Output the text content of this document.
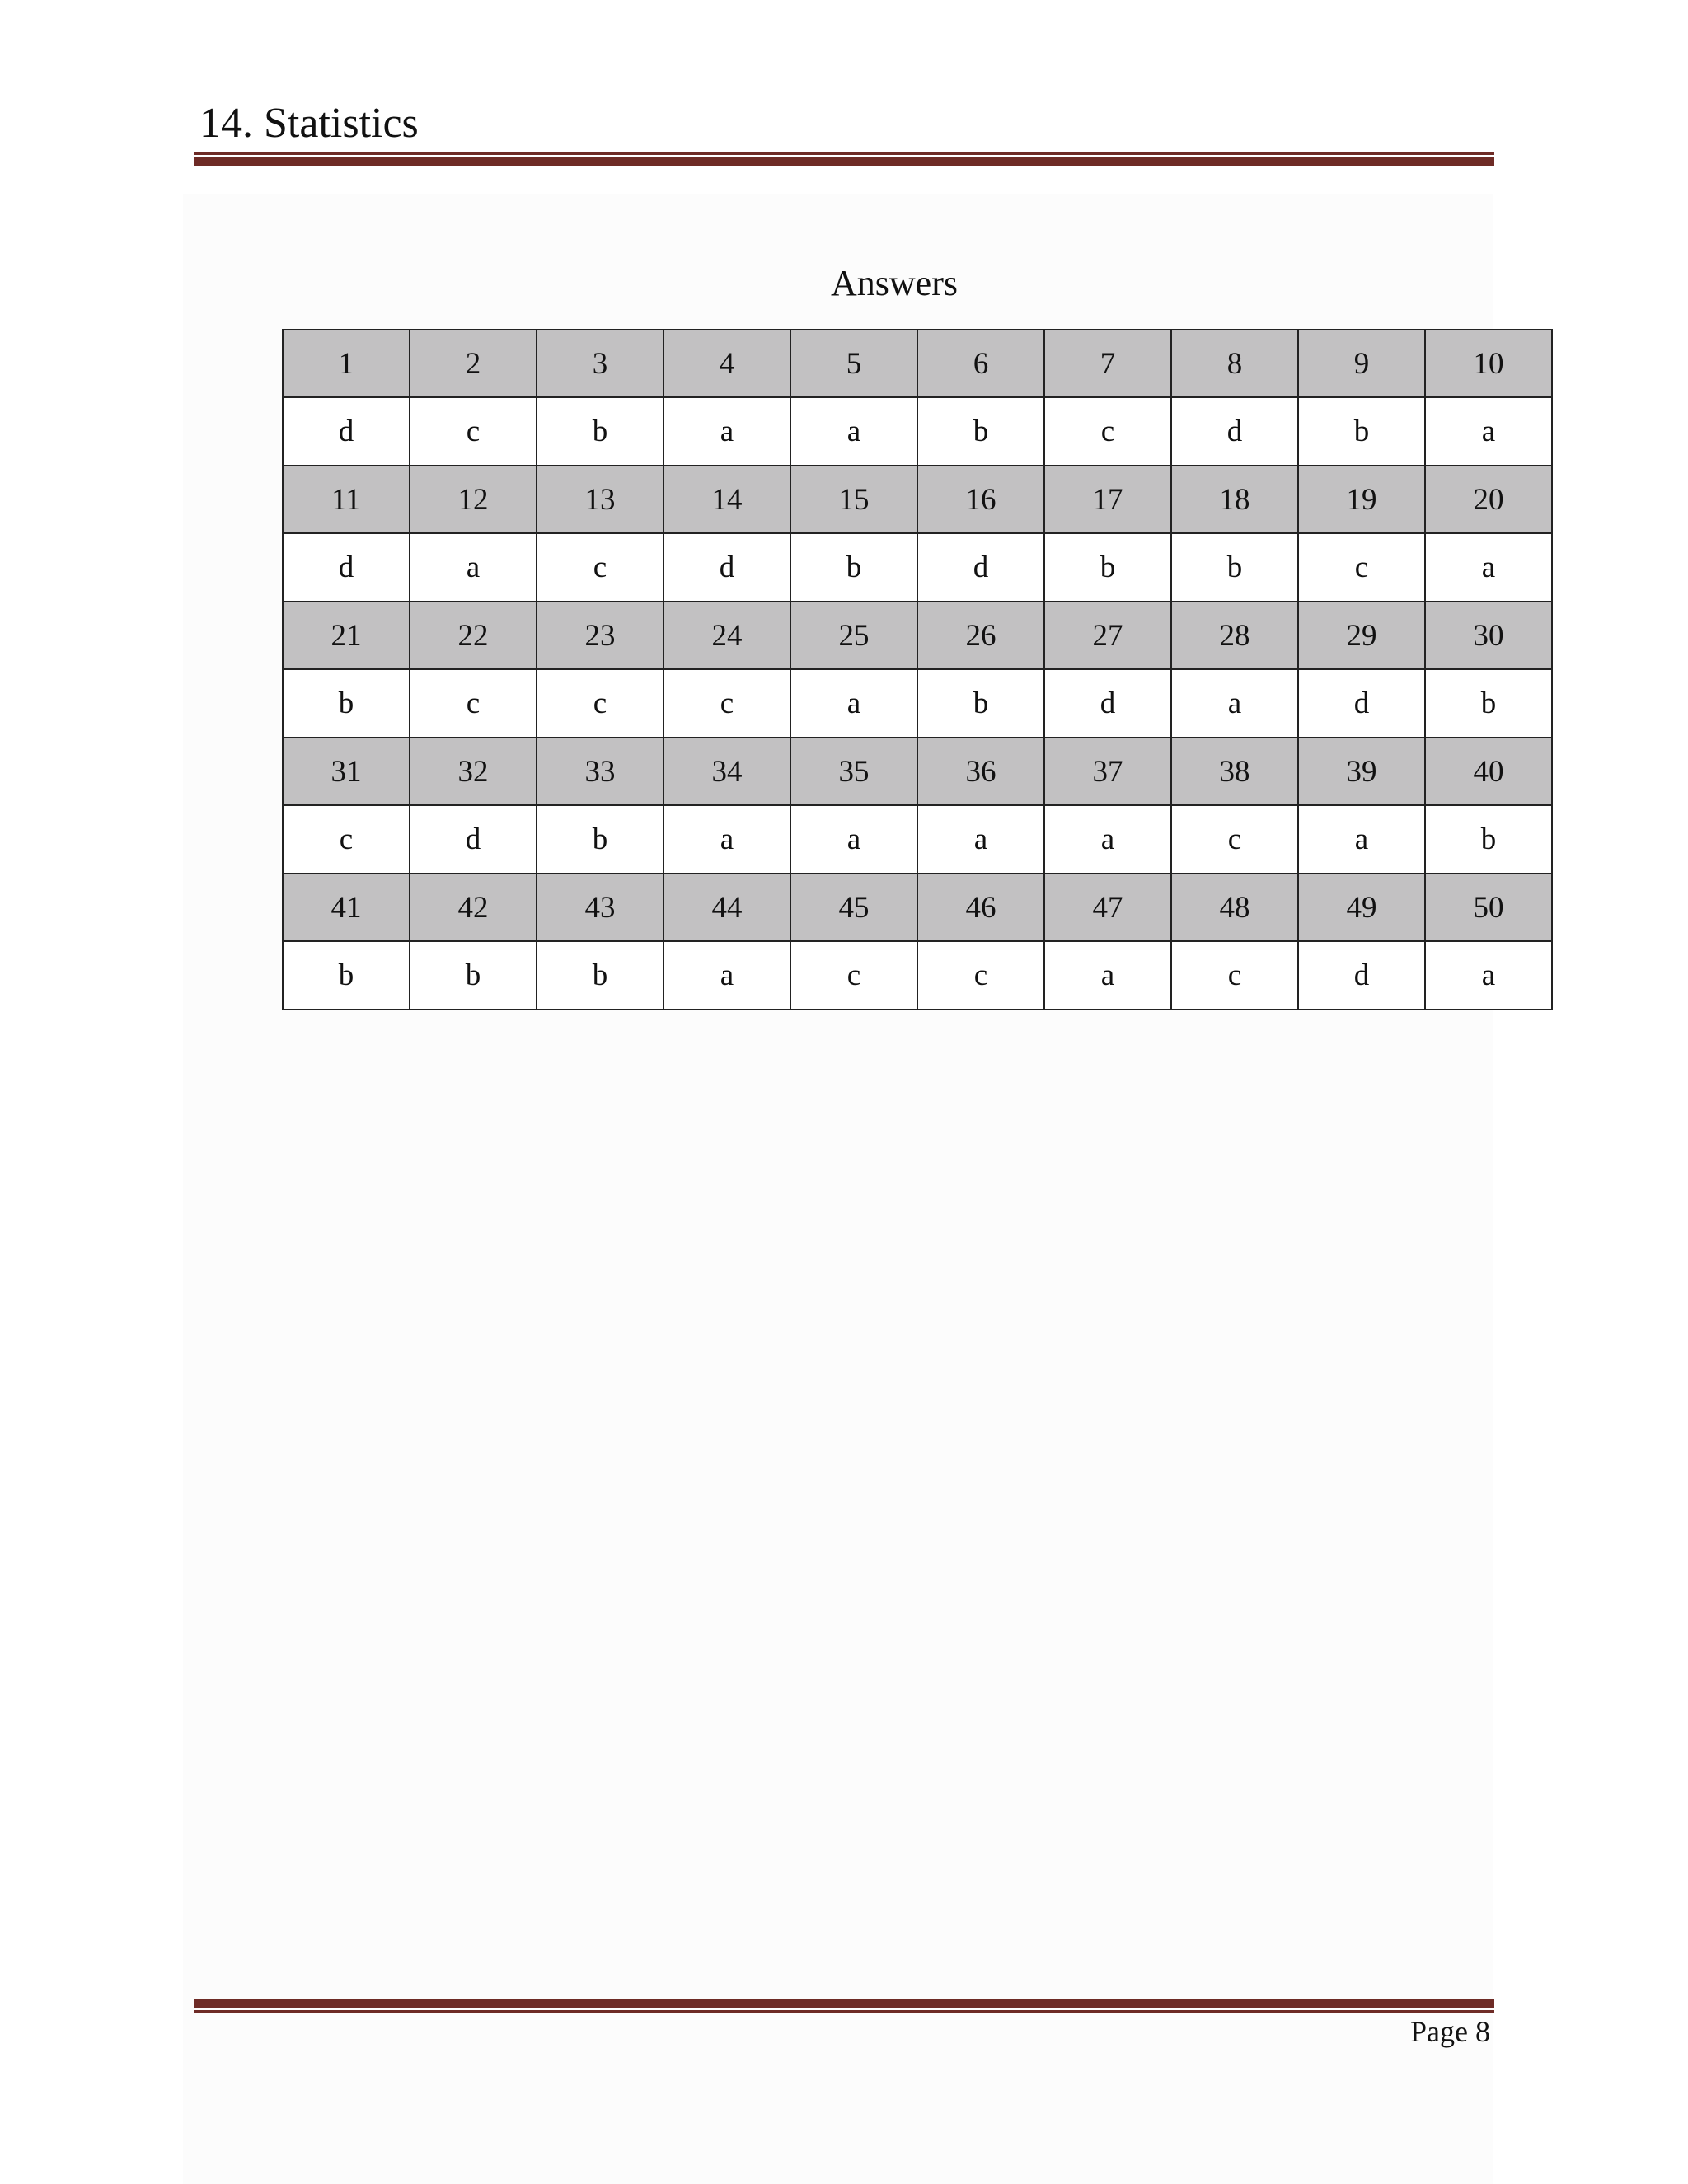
14. Statistics
Answers
1	2	3	4	5	6	7	8	9	10
d	c	b	a	a	b	c	d	b	a
11	12	13	14	15	16	17	18	19	20
d	a	c	d	b	d	b	b	c	a
21	22	23	24	25	26	27	28	29	30
b	c	c	c	a	b	d	a	d	b
31	32	33	34	35	36	37	38	39	40
c	d	b	a	a	a	a	c	a	b
41	42	43	44	45	46	47	48	49	50
b	b	b	a	c	c	a	c	d	a
Page 8
